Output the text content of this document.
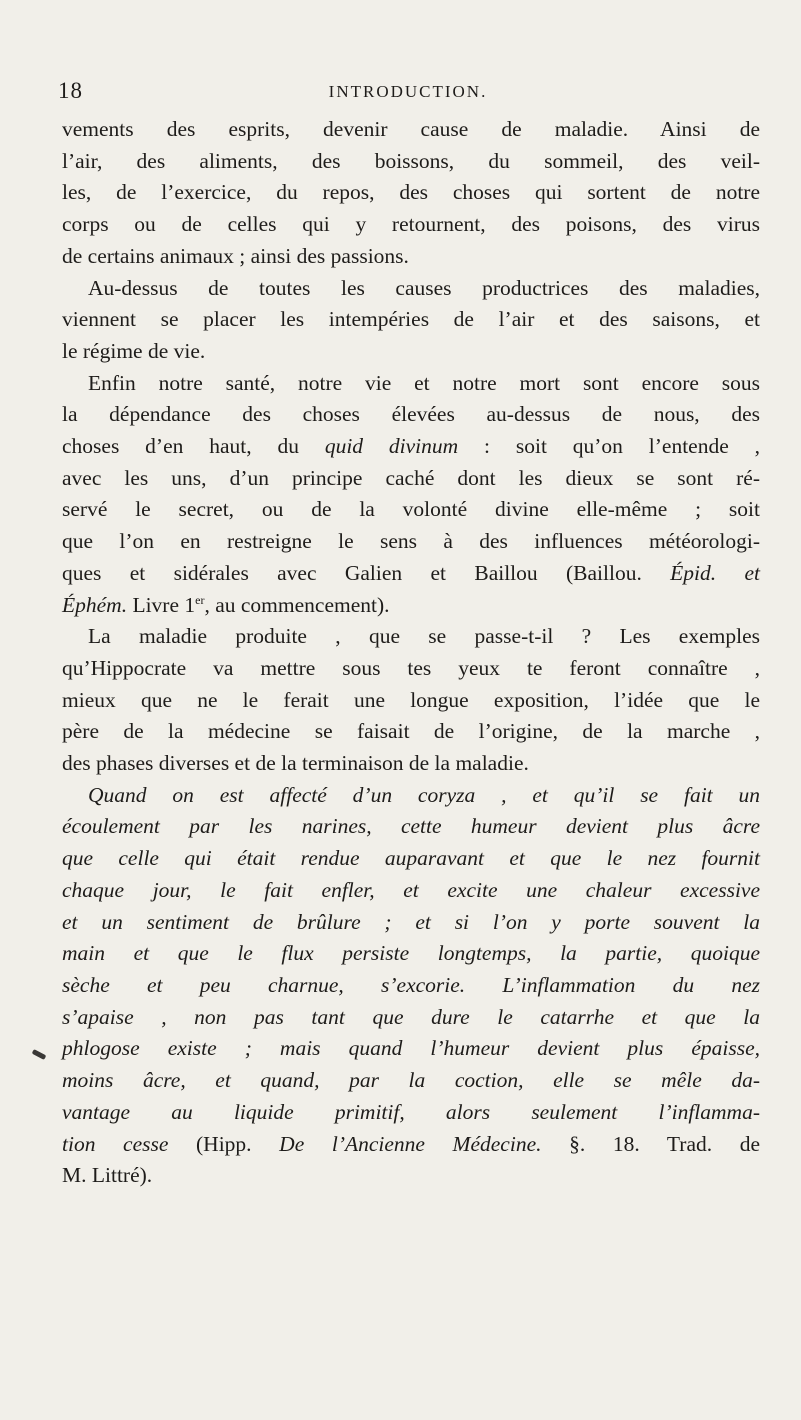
18	INTRODUCTION.
vements des esprits, devenir cause de maladie. Ainsi de
l’air, des aliments, des boissons, du sommeil, des veil-
les, de l’exercice, du repos, des choses qui sortent de notre
corps ou de celles qui y retournent, des poisons, des virus
de certains animaux ; ainsi des passions.
Au-dessus de toutes les causes productrices des maladies,
viennent se placer les intempéries de l’air et des saisons, et
le régime de vie.
Enfin notre santé, notre vie et notre mort sont encore sous
la dépendance des choses élevées au-dessus de nous, des
choses d’en haut, du quid divinum : soit qu’on l’entende ,
avec les uns, d’un principe caché dont les dieux se sont ré-
servé le secret, ou de la volonté divine elle-même ; soit
que l’on en restreigne le sens à des influences météorologi-
ques et sidérales avec Galien et Baillou (Baillou. Épid. et
Éphém. Livre 1er, au commencement).
La maladie produite , que se passe-t-il ? Les exemples
qu’Hippocrate va mettre sous tes yeux te feront connaître ,
mieux que ne le ferait une longue exposition, l’idée que le
père de la médecine se faisait de l’origine, de la marche ,
des phases diverses et de la terminaison de la maladie.
Quand on est affecté d’un coryza , et qu’il se fait un
écoulement par les narines, cette humeur devient plus âcre
que celle qui était rendue auparavant et que le nez fournit
chaque jour, le fait enfler, et excite une chaleur excessive
et un sentiment de brûlure ; et si l’on y porte souvent la
main et que le flux persiste longtemps, la partie, quoique
sèche et peu charnue, s’excorie. L’inflammation du nez
s’apaise , non pas tant que dure le catarrhe et que la
phlogose existe ; mais quand l’humeur devient plus épaisse,
moins âcre, et quand, par la coction, elle se mêle da-
vantage au liquide primitif, alors seulement l’inflamma-
tion cesse (Hipp. De l’Ancienne Médecine. §. 18. Trad. de
M. Littré).
